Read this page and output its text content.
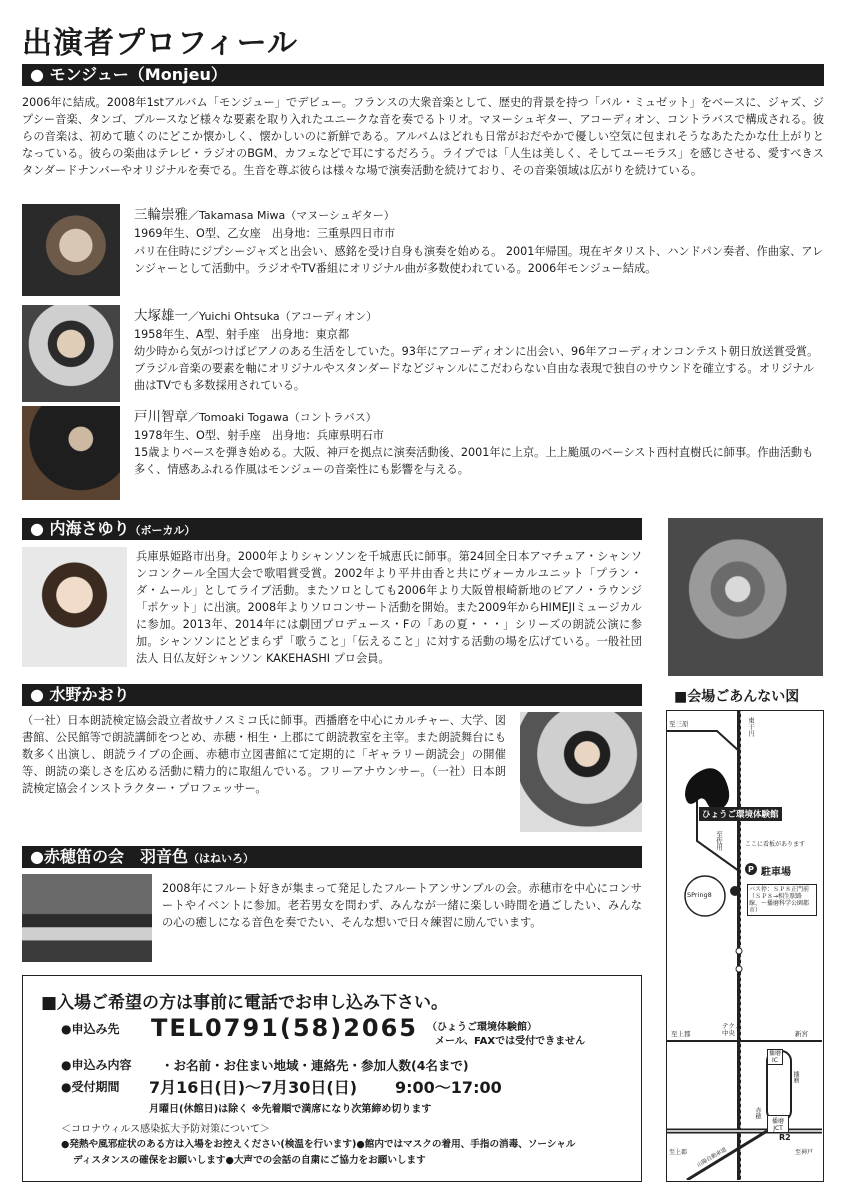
出演者プロフィール
● モンジュー（Monjeu）
2006年に結成。2008年1stアルバム「モンジュー」でデビュー。フランスの大衆音楽として、歴史的背景を持つ「バル・ミュゼット」をベースに、ジャズ、ジプシー音楽、タンゴ、ブルースなど様々な要素を取り入れたユニークな音を奏でるトリオ。マヌーシュギター、アコーディオン、コントラバスで構成される。彼らの音楽は、初めて聴くのにどこか懐かしく、懐かしいのに新鮮である。アルバムはどれも日常がおだやかで優しい空気に包まれそうなあたたかな仕上がりとなっている。彼らの楽曲はテレビ・ラジオのBGM、カフェなどで耳にするだろう。ライブでは「人生は美しく、そしてユーモラス」を感じさせる、愛すべきスタンダードナンバーやオリジナルを奏でる。生音を尊ぶ彼らは様々な場で演奏活動を続けており、その音楽領域は広がりを続けている。
三輪崇雅／Takamasa Miwa（マヌーシュギター）
1969年生、O型、乙女座　出身地：三重県四日市市
パリ在住時にジプシージャズと出会い、感銘を受け自身も演奏を始める。 2001年帰国。現在ギタリスト、ハンドパン奏者、作曲家、アレンジャーとして活動中。ラジオやTV番組にオリジナル曲が多数使われている。2006年モンジュー結成。
大塚雄一／Yuichi Ohtsuka（アコーディオン）
1958年生、A型、射手座　出身地：東京都
幼少時から気がつけばピアノのある生活をしていた。93年にアコーディオンに出会い、96年アコーディオンコンテスト朝日放送賞受賞。ブラジル音楽の要素を軸にオリジナルやスタンダードなどジャンルにこだわらない自由な表現で独自のサウンドを確立する。オリジナル曲はTVでも多数採用されている。
戸川智章／Tomoaki Togawa（コントラバス）
1978年生、O型、射手座　出身地：兵庫県明石市
15歳よりベースを弾き始める。大阪、神戸を拠点に演奏活動後、2001年に上京。上上颱風のベーシスト西村直樹氏に師事。作曲活動も多く、情感あふれる作風はモンジューの音楽性にも影響を与える。
● 内海さゆり（ボーカル）
兵庫県姫路市出身。2000年よりシャンソンを千城恵氏に師事。第24回全日本アマチュア・シャンソンコンクール全国大会で歌唱賞受賞。2002年より平井由香と共にヴォーカルユニット「プラン・ダ・ムール」としてライブ活動。またソロとしても2006年より大阪曽根崎新地のピアノ・ラウンジ「ポケット」に出演。2008年よりソロコンサート活動を開始。また2009年からHIMEJIミュージカルに参加。2013年、2014年には劇団プロデュース・Fの「あの夏・・・」シリーズの朗読公演に参加。シャンソンにとどまらず「歌うこと」「伝えること」に対する活動の場を広げている。一般社団法人 日仏友好シャンソン KAKEHASHI プロ会員。
● 水野かおり
（一社）日本朗読検定協会設立者故サノスミコ氏に師事。西播磨を中心にカルチャー、大学、図書館、公民館等で朗読講師をつとめ、赤穂・相生・上郡にて朗読教室を主宰。また朗読舞台にも数多く出演し、朗読ライブの企画、赤穂市立図書館にて定期的に「ギャラリー朗読会」の開催等、朗読の楽しさを広める活動に精力的に取組んでいる。フリーアナウンサー。（一社）日本朗読検定協会インストラクター・プロフェッサー。
●赤穂笛の会　羽音色（はねいろ）
2008年にフルート好きが集まって発足したフルートアンサンブルの会。赤穂市を中心にコンサートやイベントに参加。老若男女を問わず、みんなが一緒に楽しい時間を過ごしたい、みんなの心の癒しになる音色を奏でたい、そんな想いで日々練習に励んでいます。
■会場ごあんない図
P
ひょうご環境体験館
駐車場
SPring8
バス停：ＳＰ８正門前
（ＳＰ８→相生駅路線、〜播磨科学公園都市）
ここに看板があります
至三原	東干円
至佐用
至上郡
テクノ中央	新宮
播磨IC
播磨JCT
播磨
赤穂
R2
至神戸
至上郡 山陽自動車道
■入場ご希望の方は事前に電話でお申し込み下さい。
●申込み先 TEL0791(58)2065 （ひょうご環境体験館）
メール、FAXでは受付できません
●申込み内容 ・お名前・お住まい地域・連絡先・参加人数(4名まで)
●受付期間 7月16日(日)〜7月30日(日) 9:00〜17:00
月曜日(休館日)は除く ※先着順で満席になり次第締め切ります
＜コロナウィルス感染拡大予防対策について＞
●発熱や風邪症状のある方は入場をお控えください(検温を行います)●館内ではマスクの着用、手指の消毒、ソーシャル
ディスタンスの確保をお願いします●大声での会話の自粛にご協力をお願いします
